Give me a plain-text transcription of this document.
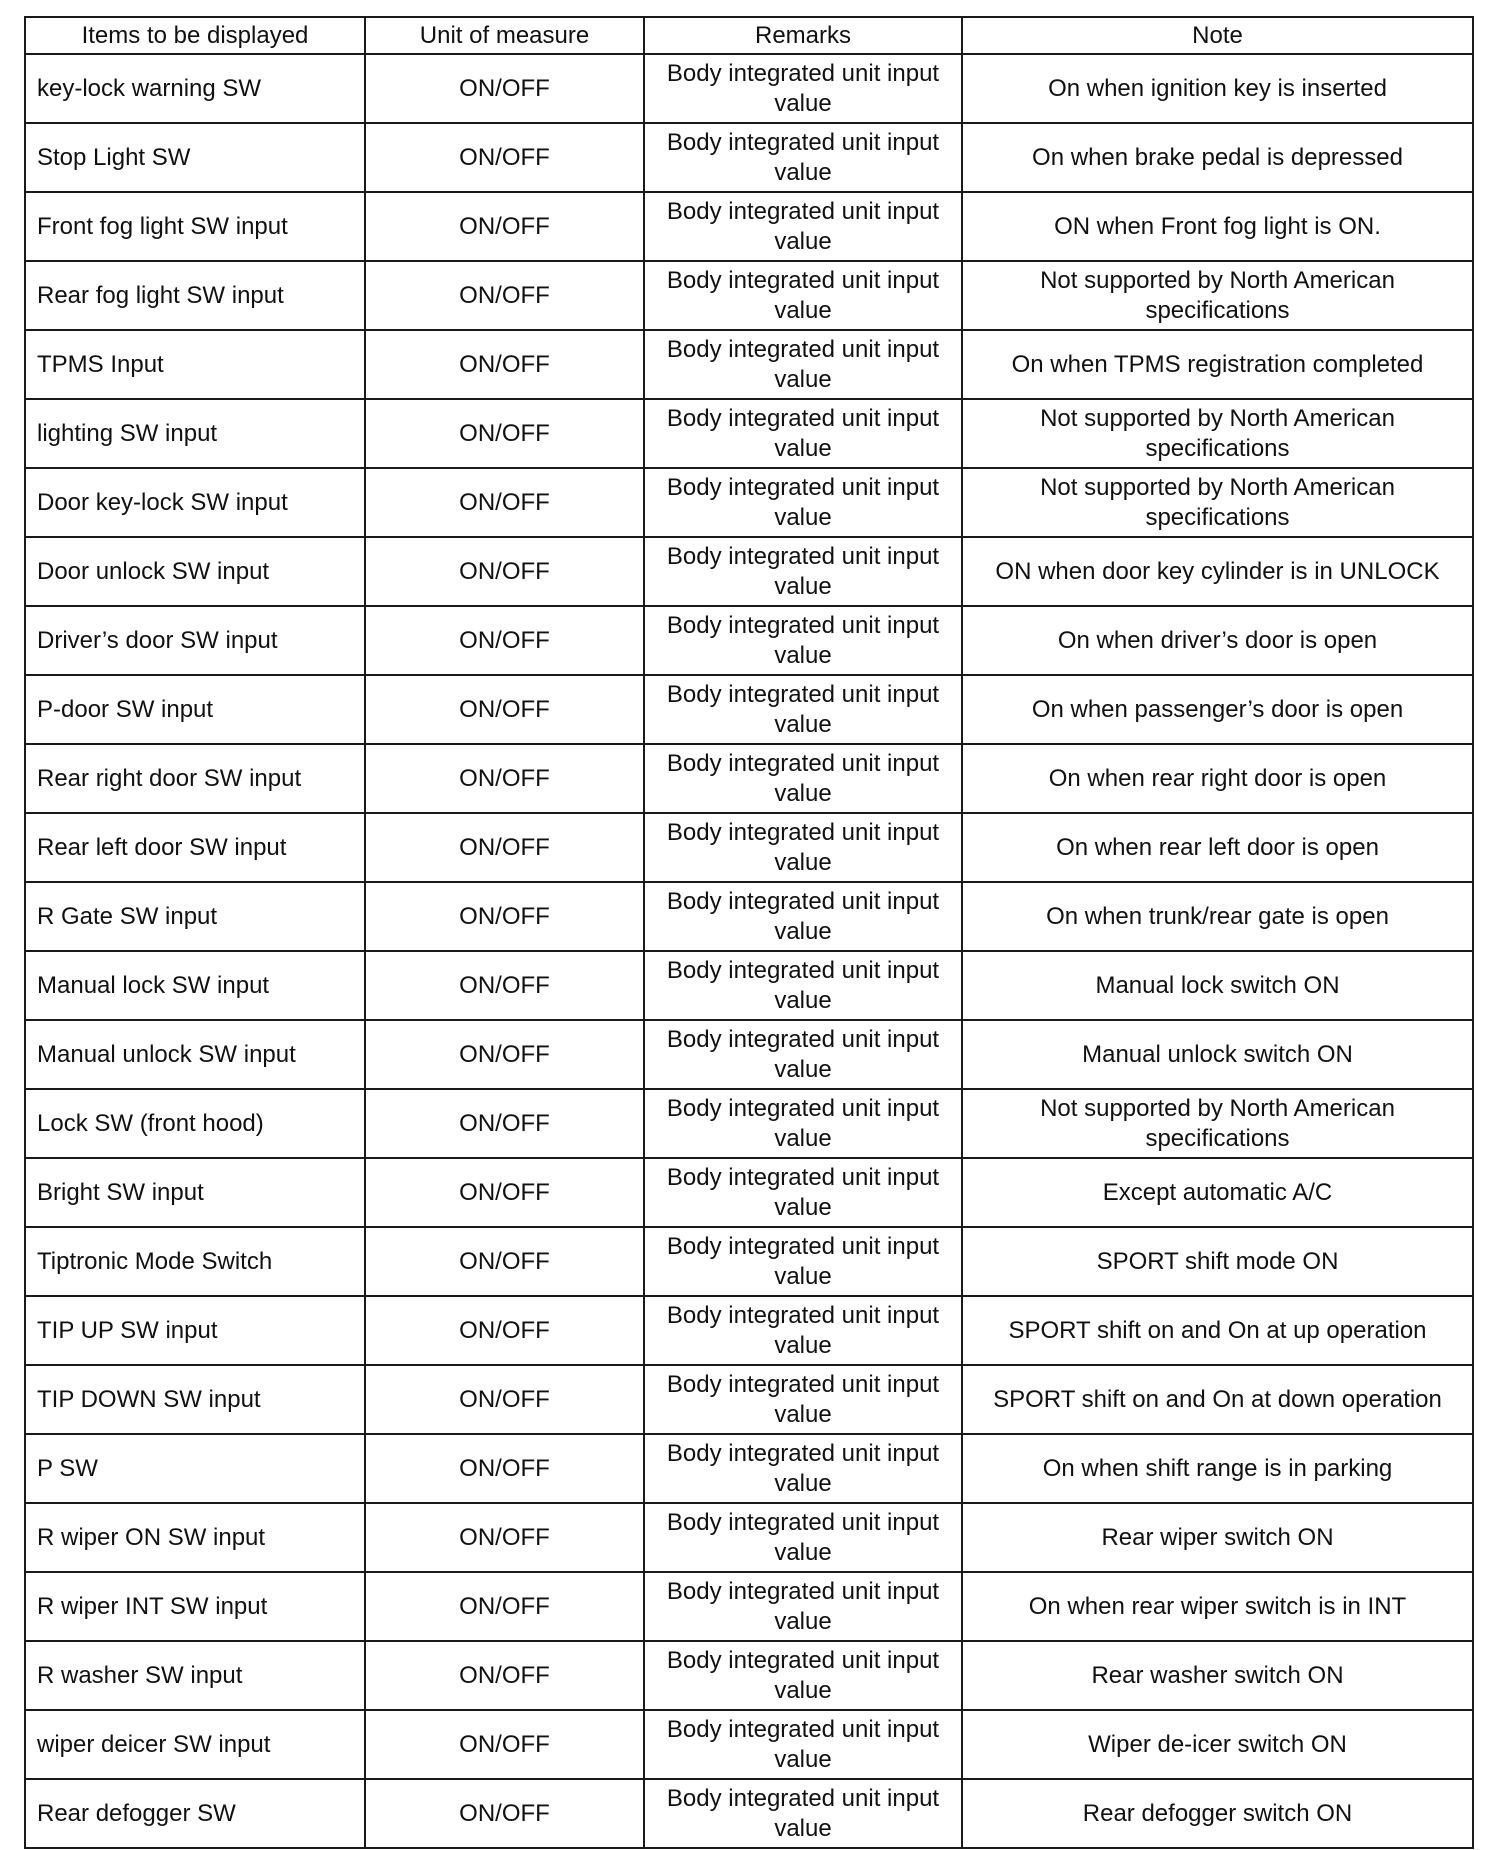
Items to be displayed	Unit of measure	Remarks	Note
key-lock warning SW	ON/OFF	Body integrated unit input value	On when ignition key is inserted
Stop Light SW	ON/OFF	Body integrated unit input value	On when brake pedal is depressed
Front fog light SW input	ON/OFF	Body integrated unit input value	ON when Front fog light is ON.
Rear fog light SW input	ON/OFF	Body integrated unit input value	Not supported by North American specifications
TPMS Input	ON/OFF	Body integrated unit input value	On when TPMS registration completed
lighting SW input	ON/OFF	Body integrated unit input value	Not supported by North American specifications
Door key-lock SW input	ON/OFF	Body integrated unit input value	Not supported by North American specifications
Door unlock SW input	ON/OFF	Body integrated unit input value	ON when door key cylinder is in UNLOCK
Driver’s door SW input	ON/OFF	Body integrated unit input value	On when driver’s door is open
P-door SW input	ON/OFF	Body integrated unit input value	On when passenger’s door is open
Rear right door SW input	ON/OFF	Body integrated unit input value	On when rear right door is open
Rear left door SW input	ON/OFF	Body integrated unit input value	On when rear left door is open
R Gate SW input	ON/OFF	Body integrated unit input value	On when trunk/rear gate is open
Manual lock SW input	ON/OFF	Body integrated unit input value	Manual lock switch ON
Manual unlock SW input	ON/OFF	Body integrated unit input value	Manual unlock switch ON
Lock SW (front hood)	ON/OFF	Body integrated unit input value	Not supported by North American specifications
Bright SW input	ON/OFF	Body integrated unit input value	Except automatic A/C
Tiptronic Mode Switch	ON/OFF	Body integrated unit input value	SPORT shift mode ON
TIP UP SW input	ON/OFF	Body integrated unit input value	SPORT shift on and On at up operation
TIP DOWN SW input	ON/OFF	Body integrated unit input value	SPORT shift on and On at down operation
P SW	ON/OFF	Body integrated unit input value	On when shift range is in parking
R wiper ON SW input	ON/OFF	Body integrated unit input value	Rear wiper switch ON
R wiper INT SW input	ON/OFF	Body integrated unit input value	On when rear wiper switch is in INT
R washer SW input	ON/OFF	Body integrated unit input value	Rear washer switch ON
wiper deicer SW input	ON/OFF	Body integrated unit input value	Wiper de-icer switch ON
Rear defogger SW	ON/OFF	Body integrated unit input value	Rear defogger switch ON
